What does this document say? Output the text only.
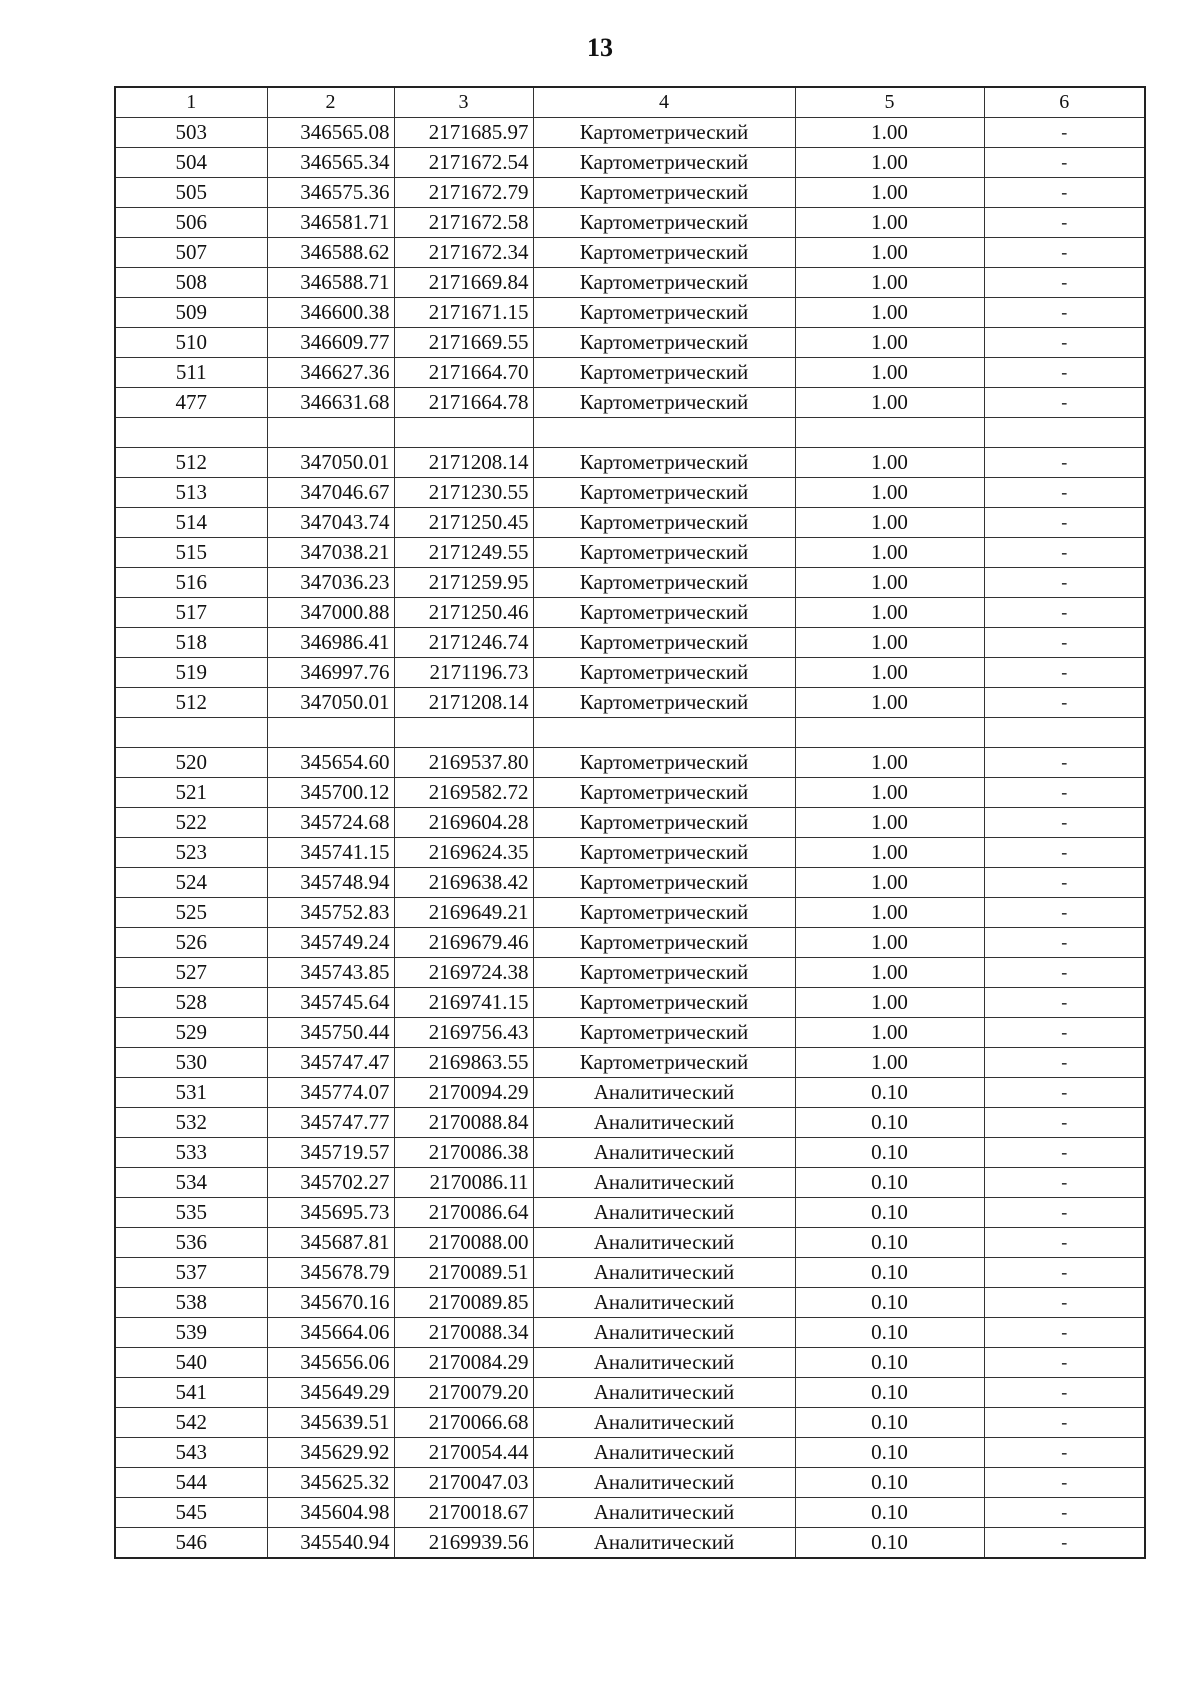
13
1	2	3	4	5	6
503	346565.08	2171685.97	Картометрический	1.00	-
504	346565.34	2171672.54	Картометрический	1.00	-
505	346575.36	2171672.79	Картометрический	1.00	-
506	346581.71	2171672.58	Картометрический	1.00	-
507	346588.62	2171672.34	Картометрический	1.00	-
508	346588.71	2171669.84	Картометрический	1.00	-
509	346600.38	2171671.15	Картометрический	1.00	-
510	346609.77	2171669.55	Картометрический	1.00	-
511	346627.36	2171664.70	Картометрический	1.00	-
477	346631.68	2171664.78	Картометрический	1.00	-

512	347050.01	2171208.14	Картометрический	1.00	-
513	347046.67	2171230.55	Картометрический	1.00	-
514	347043.74	2171250.45	Картометрический	1.00	-
515	347038.21	2171249.55	Картометрический	1.00	-
516	347036.23	2171259.95	Картометрический	1.00	-
517	347000.88	2171250.46	Картометрический	1.00	-
518	346986.41	2171246.74	Картометрический	1.00	-
519	346997.76	2171196.73	Картометрический	1.00	-
512	347050.01	2171208.14	Картометрический	1.00	-

520	345654.60	2169537.80	Картометрический	1.00	-
521	345700.12	2169582.72	Картометрический	1.00	-
522	345724.68	2169604.28	Картометрический	1.00	-
523	345741.15	2169624.35	Картометрический	1.00	-
524	345748.94	2169638.42	Картометрический	1.00	-
525	345752.83	2169649.21	Картометрический	1.00	-
526	345749.24	2169679.46	Картометрический	1.00	-
527	345743.85	2169724.38	Картометрический	1.00	-
528	345745.64	2169741.15	Картометрический	1.00	-
529	345750.44	2169756.43	Картометрический	1.00	-
530	345747.47	2169863.55	Картометрический	1.00	-
531	345774.07	2170094.29	Аналитический	0.10	-
532	345747.77	2170088.84	Аналитический	0.10	-
533	345719.57	2170086.38	Аналитический	0.10	-
534	345702.27	2170086.11	Аналитический	0.10	-
535	345695.73	2170086.64	Аналитический	0.10	-
536	345687.81	2170088.00	Аналитический	0.10	-
537	345678.79	2170089.51	Аналитический	0.10	-
538	345670.16	2170089.85	Аналитический	0.10	-
539	345664.06	2170088.34	Аналитический	0.10	-
540	345656.06	2170084.29	Аналитический	0.10	-
541	345649.29	2170079.20	Аналитический	0.10	-
542	345639.51	2170066.68	Аналитический	0.10	-
543	345629.92	2170054.44	Аналитический	0.10	-
544	345625.32	2170047.03	Аналитический	0.10	-
545	345604.98	2170018.67	Аналитический	0.10	-
546	345540.94	2169939.56	Аналитический	0.10	-
